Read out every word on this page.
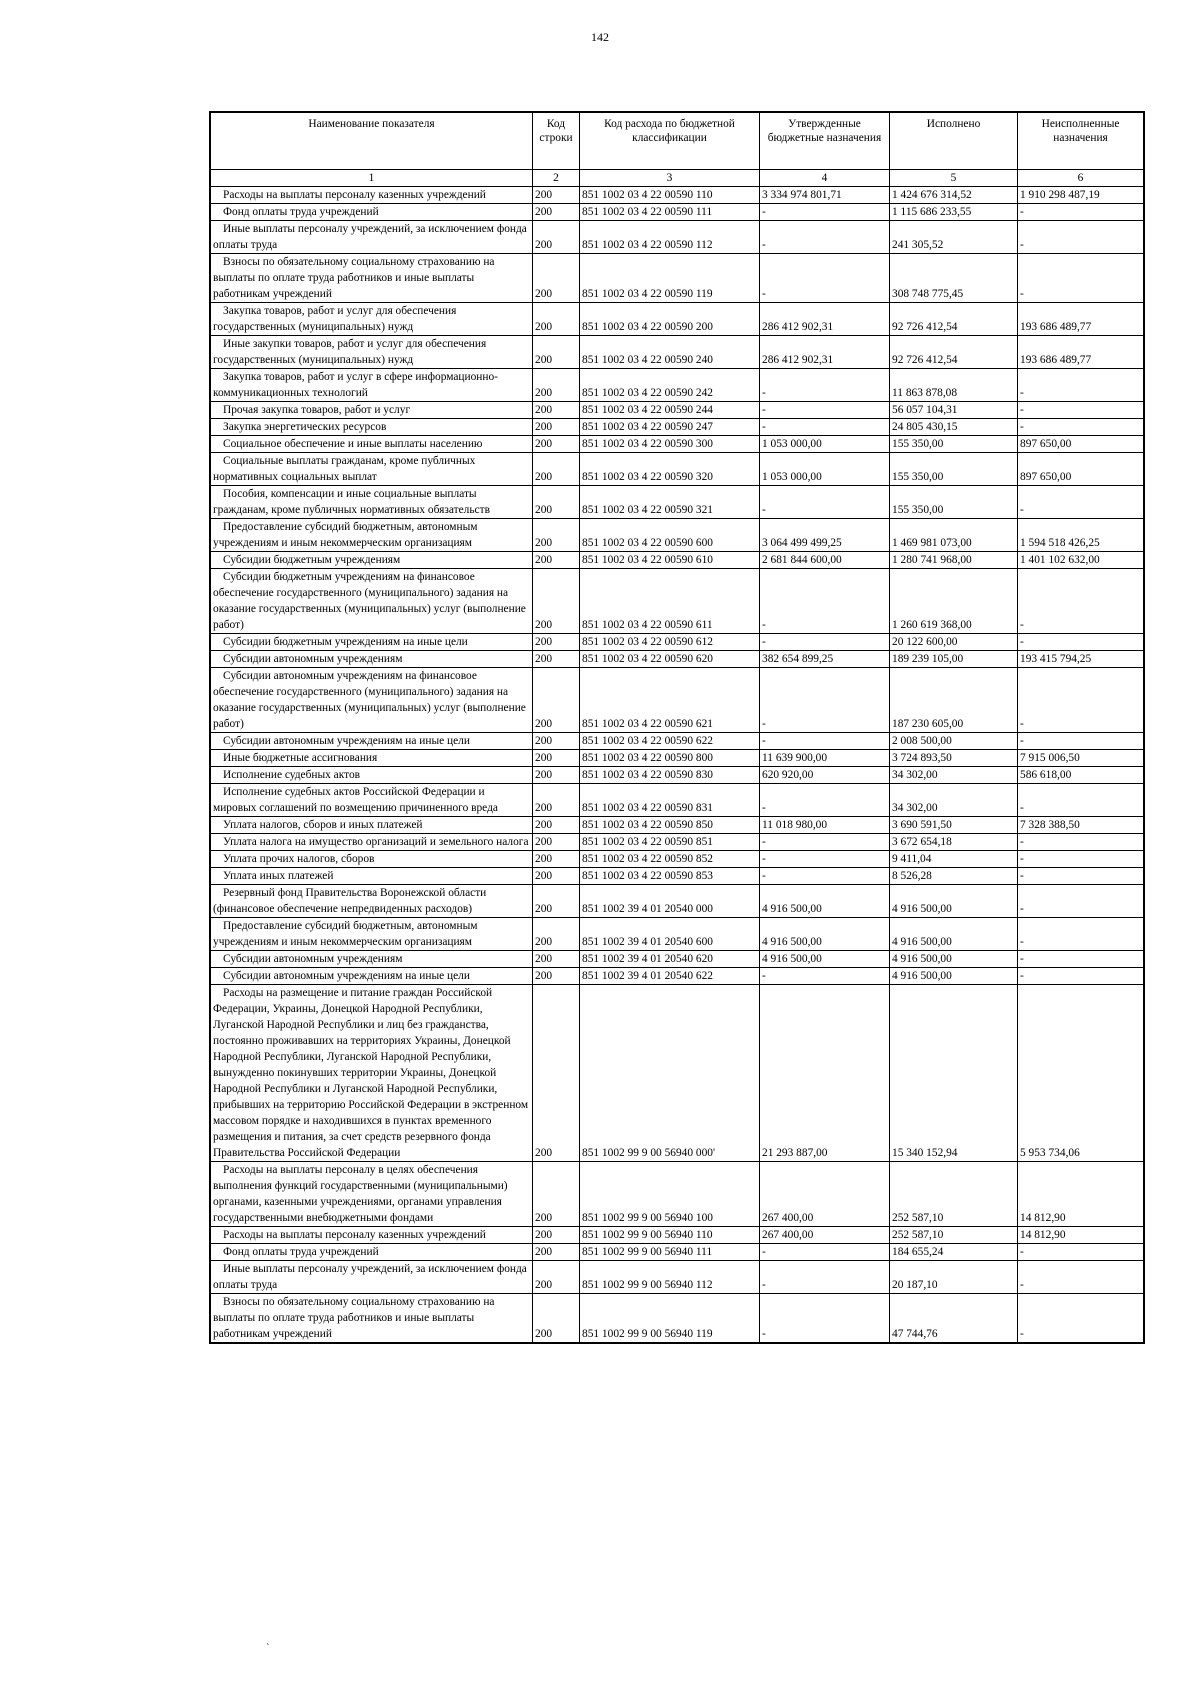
142
Наименование показателя	Код строки	Код расхода по бюджетной классификации	Утвержденные бюджетные назначения	Исполнено	Неисполненные назначения
1	2	3	4	5	6

Расходы на выплаты персоналу казенных учреждений	200	851 1002 03 4 22 00590 110	3 334 974 801,71	1 424 676 314,52	1 910 298 487,19

Фонд оплаты труда учреждений	200	851 1002 03 4 22 00590 111	-	1 115 686 233,55	-

Иные выплаты персоналу учреждений, за исключением фонда оплаты труда	200	851 1002 03 4 22 00590 112	-	241 305,52	-

Взносы по обязательному социальному страхованию на выплаты по оплате труда работников и иные выплаты работникам учреждений	200	851 1002 03 4 22 00590 119	-	308 748 775,45	-

Закупка товаров, работ и услуг для обеспечения государственных (муниципальных) нужд	200	851 1002 03 4 22 00590 200	286 412 902,31	92 726 412,54	193 686 489,77

Иные закупки товаров, работ и услуг для обеспечения государственных (муниципальных) нужд	200	851 1002 03 4 22 00590 240	286 412 902,31	92 726 412,54	193 686 489,77

Закупка товаров, работ и услуг в сфере информационно-коммуникационных технологий	200	851 1002 03 4 22 00590 242	-	11 863 878,08	-

Прочая закупка товаров, работ и услуг	200	851 1002 03 4 22 00590 244	-	56 057 104,31	-

Закупка энергетических ресурсов	200	851 1002 03 4 22 00590 247	-	24 805 430,15	-

Социальное обеспечение и иные выплаты населению	200	851 1002 03 4 22 00590 300	1 053 000,00	155 350,00	897 650,00

Социальные выплаты гражданам, кроме публичных нормативных социальных выплат	200	851 1002 03 4 22 00590 320	1 053 000,00	155 350,00	897 650,00

Пособия, компенсации и иные социальные выплаты гражданам, кроме публичных нормативных обязательств	200	851 1002 03 4 22 00590 321	-	155 350,00	-

Предоставление субсидий бюджетным, автономным учреждениям и иным некоммерческим организациям	200	851 1002 03 4 22 00590 600	3 064 499 499,25	1 469 981 073,00	1 594 518 426,25

Субсидии бюджетным учреждениям	200	851 1002 03 4 22 00590 610	2 681 844 600,00	1 280 741 968,00	1 401 102 632,00

Субсидии бюджетным учреждениям на финансовое обеспечение государственного (муниципального) задания на оказание государственных (муниципальных) услуг (выполнение работ)	200	851 1002 03 4 22 00590 611	-	1 260 619 368,00	-

Субсидии бюджетным учреждениям на иные цели	200	851 1002 03 4 22 00590 612	-	20 122 600,00	-

Субсидии автономным учреждениям	200	851 1002 03 4 22 00590 620	382 654 899,25	189 239 105,00	193 415 794,25

Субсидии автономным учреждениям на финансовое обеспечение государственного (муниципального) задания на оказание государственных (муниципальных) услуг (выполнение работ)	200	851 1002 03 4 22 00590 621	-	187 230 605,00	-

Субсидии автономным учреждениям на иные цели	200	851 1002 03 4 22 00590 622	-	2 008 500,00	-

Иные бюджетные ассигнования	200	851 1002 03 4 22 00590 800	11 639 900,00	3 724 893,50	7 915 006,50

Исполнение судебных актов	200	851 1002 03 4 22 00590 830	620 920,00	34 302,00	586 618,00

Исполнение судебных актов Российской Федерации и мировых соглашений по возмещению причиненного вреда	200	851 1002 03 4 22 00590 831	-	34 302,00	-

Уплата налогов, сборов и иных платежей	200	851 1002 03 4 22 00590 850	11 018 980,00	3 690 591,50	7 328 388,50

Уплата налога на имущество организаций и земельного налога	200	851 1002 03 4 22 00590 851	-	3 672 654,18	-

Уплата прочих налогов, сборов	200	851 1002 03 4 22 00590 852	-	9 411,04	-

Уплата иных платежей	200	851 1002 03 4 22 00590 853	-	8 526,28	-

Резервный фонд Правительства Воронежской области (финансовое обеспечение непредвиденных расходов)	200	851 1002 39 4 01 20540 000	4 916 500,00	4 916 500,00	-

Предоставление субсидий бюджетным, автономным учреждениям и иным некоммерческим организациям	200	851 1002 39 4 01 20540 600	4 916 500,00	4 916 500,00	-

Субсидии автономным учреждениям	200	851 1002 39 4 01 20540 620	4 916 500,00	4 916 500,00	-

Субсидии автономным учреждениям на иные цели	200	851 1002 39 4 01 20540 622	-	4 916 500,00	-

Расходы на размещение и питание граждан Российской Федерации, Украины, Донецкой Народной Республики, Луганской Народной Республики и лиц без гражданства, постоянно проживавших на территориях Украины, Донецкой Народной Республики, Луганской Народной Республики, вынужденно покинувших территории Украины, Донецкой Народной Республики и Луганской Народной Республики, прибывших на территорию Российской Федерации в экстренном массовом порядке и находившихся в пунктах временного размещения и питания, за счет средств резервного фонда Правительства Российской Федерации	200	851 1002 99 9 00 56940 000'	21 293 887,00	15 340 152,94	5 953 734,06

Расходы на выплаты персоналу в целях обеспечения выполнения функций государственными (муниципальными) органами, казенными учреждениями, органами управления государственными внебюджетными фондами	200	851 1002 99 9 00 56940 100	267 400,00	252 587,10	14 812,90

Расходы на выплаты персоналу казенных учреждений	200	851 1002 99 9 00 56940 110	267 400,00	252 587,10	14 812,90

Фонд оплаты труда учреждений	200	851 1002 99 9 00 56940 111	-	184 655,24	-

Иные выплаты персоналу учреждений, за исключением фонда оплаты труда	200	851 1002 99 9 00 56940 112	-	20 187,10	-

Взносы по обязательному социальному страхованию на выплаты по оплате труда работников и иные выплаты работникам учреждений	200	851 1002 99 9 00 56940 119	-	47 744,76	-
ˋ
